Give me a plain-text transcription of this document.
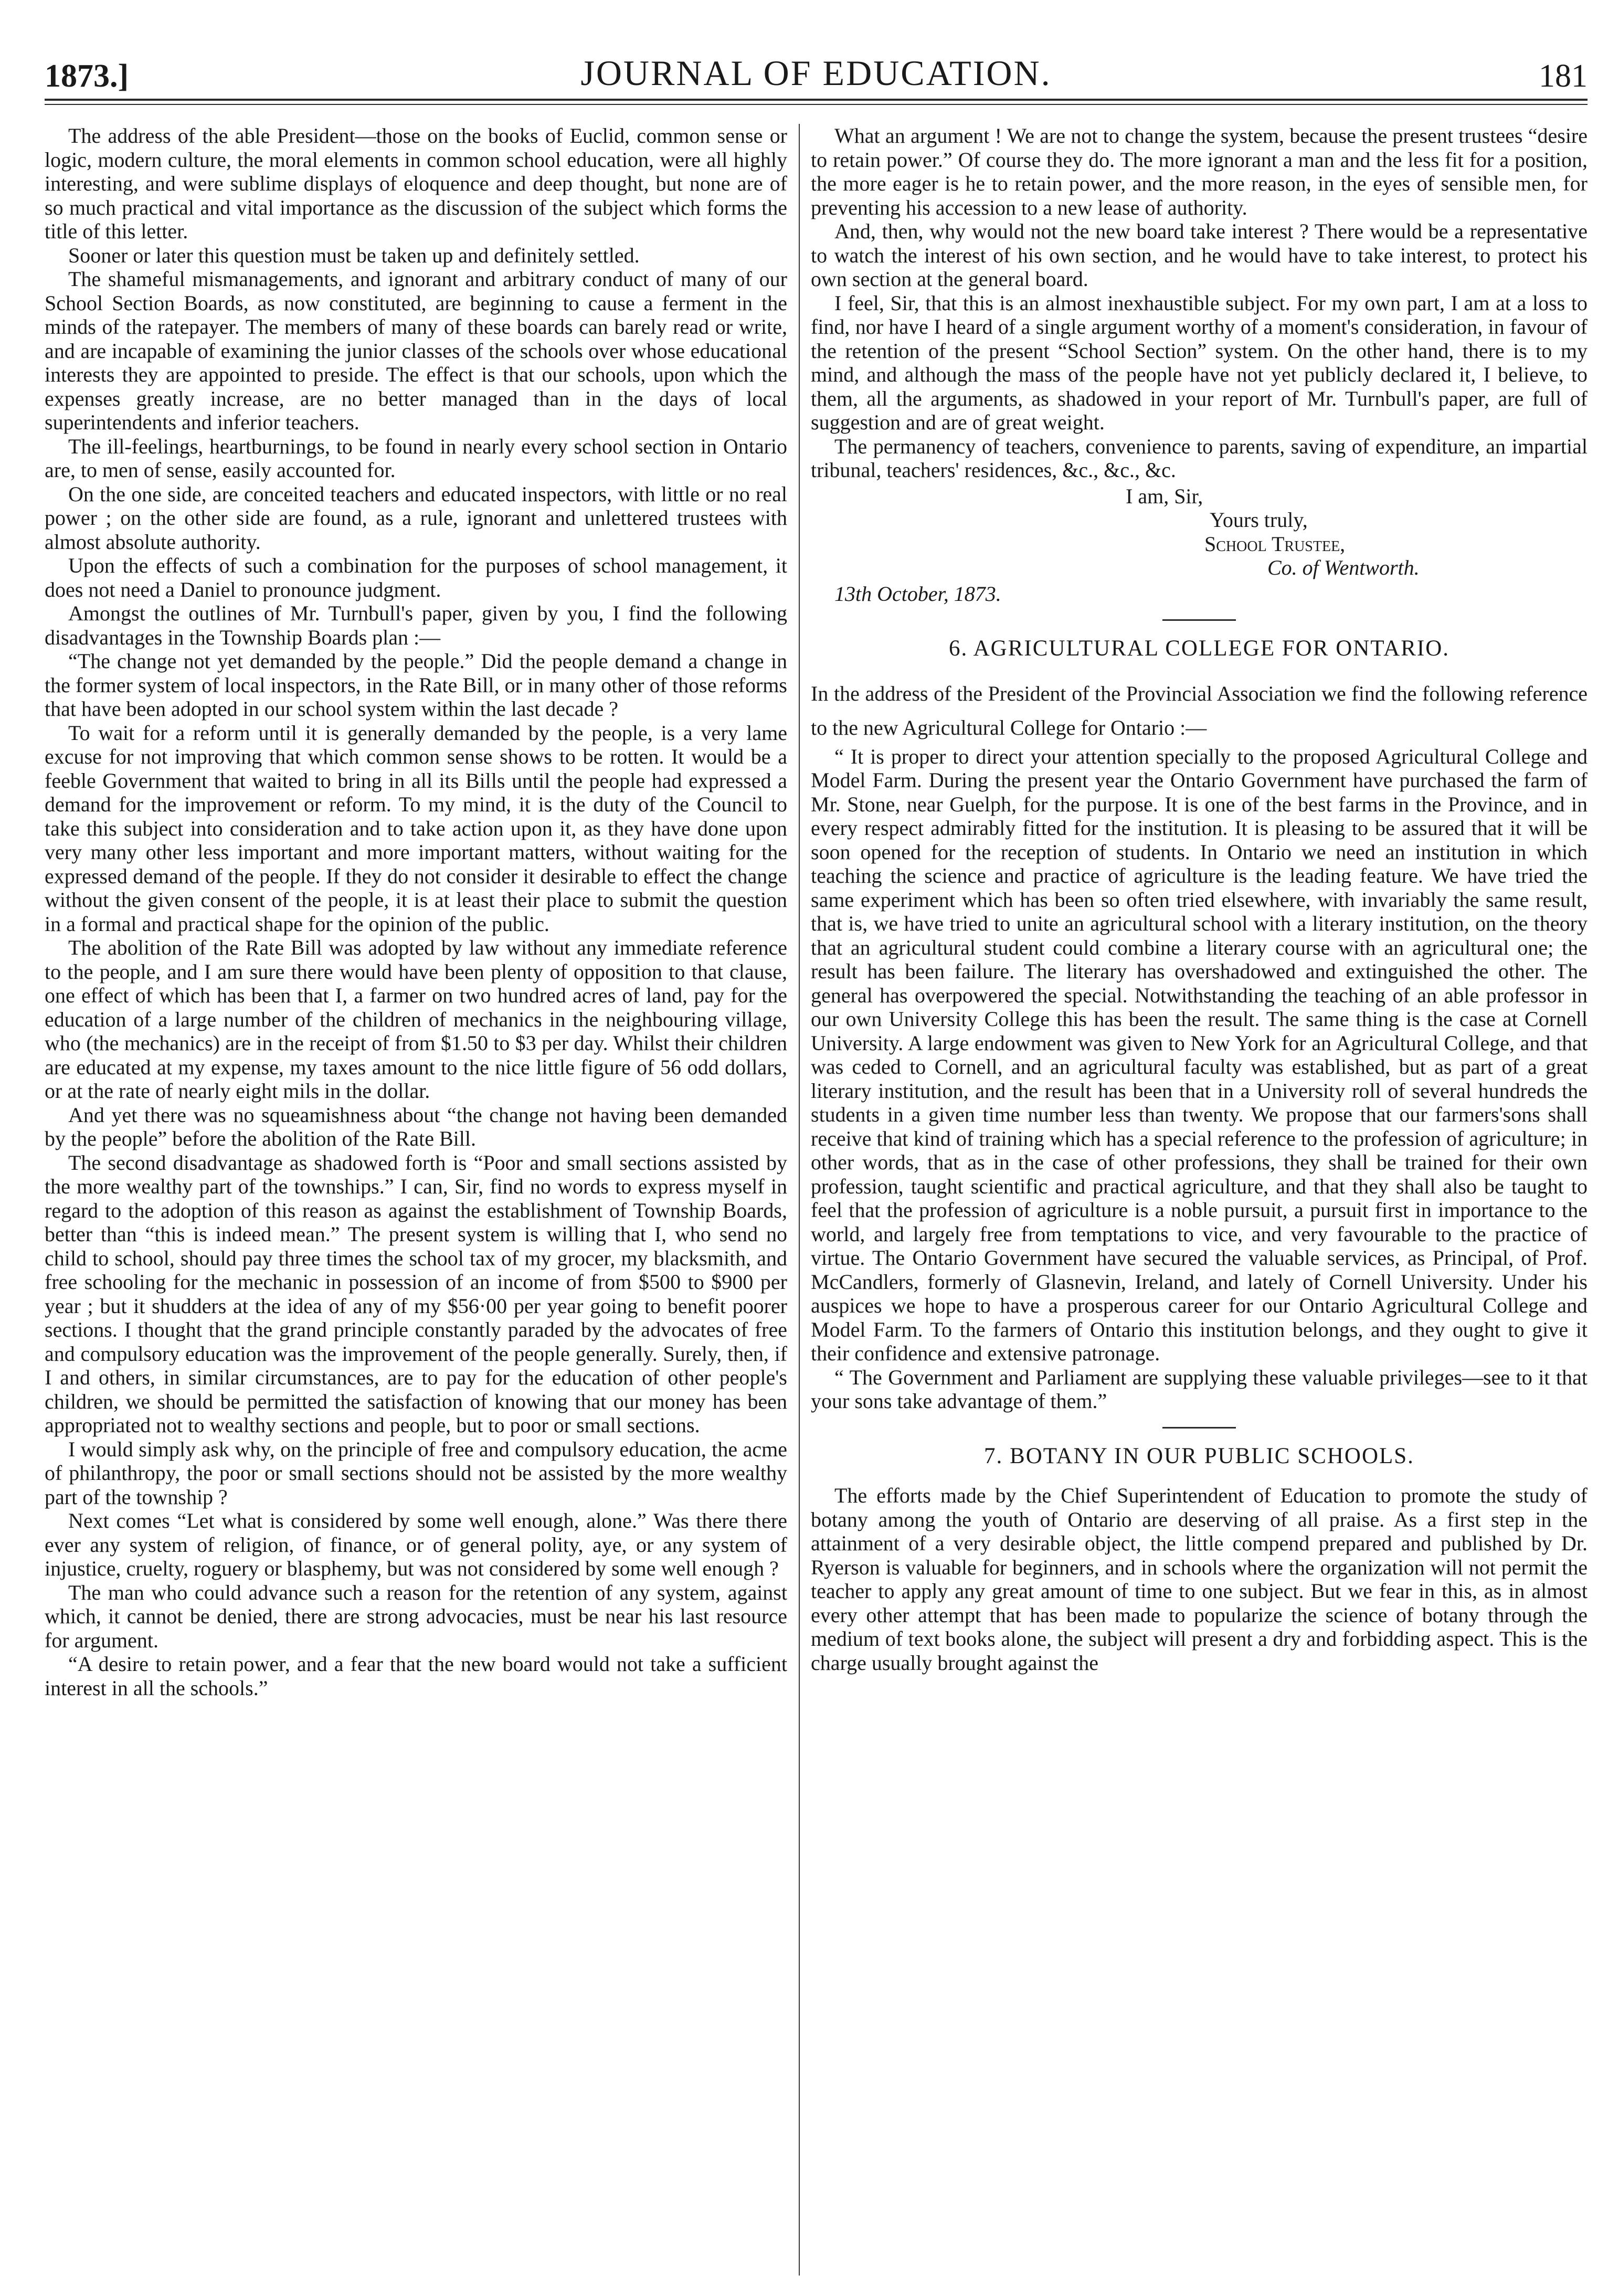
1873.]	JOURNAL OF EDUCATION.	181

The address of the able President—those on the books of Euclid, common sense or logic, modern culture, the moral elements in common school education, were all highly interesting, and were sublime displays of eloquence and deep thought, but none are of so much practical and vital importance as the discussion of the subject which forms the title of this letter.

Sooner or later this question must be taken up and definitely settled.

The shameful mismanagements, and ignorant and arbitrary conduct of many of our School Section Boards, as now constituted, are beginning to cause a ferment in the minds of the ratepayer. The members of many of these boards can barely read or write, and are incapable of examining the junior classes of the schools over whose educational interests they are appointed to preside. The effect is that our schools, upon which the expenses greatly increase, are no better managed than in the days of local superintendents and inferior teachers.

The ill-feelings, heartburnings, to be found in nearly every school section in Ontario are, to men of sense, easily accounted for.

On the one side, are conceited teachers and educated inspectors, with little or no real power ; on the other side are found, as a rule, ignorant and unlettered trustees with almost absolute authority.

Upon the effects of such a combination for the purposes of school management, it does not need a Daniel to pronounce judgment.

Amongst the outlines of Mr. Turnbull's paper, given by you, I find the following disadvantages in the Township Boards plan :—

“The change not yet demanded by the people.” Did the people demand a change in the former system of local inspectors, in the Rate Bill, or in many other of those reforms that have been adopted in our school system within the last decade ?

To wait for a reform until it is generally demanded by the people, is a very lame excuse for not improving that which common sense shows to be rotten. It would be a feeble Government that waited to bring in all its Bills until the people had expressed a demand for the improvement or reform. To my mind, it is the duty of the Council to take this subject into consideration and to take action upon it, as they have done upon very many other less important and more important matters, without waiting for the expressed demand of the people. If they do not consider it desirable to effect the change without the given consent of the people, it is at least their place to submit the question in a formal and practical shape for the opinion of the public.

The abolition of the Rate Bill was adopted by law without any immediate reference to the people, and I am sure there would have been plenty of opposition to that clause, one effect of which has been that I, a farmer on two hundred acres of land, pay for the education of a large number of the children of mechanics in the neighbouring village, who (the mechanics) are in the receipt of from $1.50 to $3 per day. Whilst their children are educated at my expense, my taxes amount to the nice little figure of 56 odd dollars, or at the rate of nearly eight mils in the dollar.

And yet there was no squeamishness about “the change not having been demanded by the people” before the abolition of the Rate Bill.

The second disadvantage as shadowed forth is “Poor and small sections assisted by the more wealthy part of the townships.” I can, Sir, find no words to express myself in regard to the adoption of this reason as against the establishment of Township Boards, better than “this is indeed mean.” The present system is willing that I, who send no child to school, should pay three times the school tax of my grocer, my blacksmith, and free schooling for the mechanic in possession of an income of from $500 to $900 per year ; but it shudders at the idea of any of my $56·00 per year going to benefit poorer sections. I thought that the grand principle constantly paraded by the advocates of free and compulsory education was the improvement of the people generally. Surely, then, if I and others, in similar circumstances, are to pay for the education of other people's children, we should be permitted the satisfaction of knowing that our money has been appropriated not to wealthy sections and people, but to poor or small sections.

I would simply ask why, on the principle of free and compulsory education, the acme of philanthropy, the poor or small sections should not be assisted by the more wealthy part of the township ?

Next comes “Let what is considered by some well enough, alone.” Was there there ever any system of religion, of finance, or of general polity, aye, or any system of injustice, cruelty, roguery or blasphemy, but was not considered by some well enough ?

The man who could advance such a reason for the retention of any system, against which, it cannot be denied, there are strong advocacies, must be near his last resource for argument.

“A desire to retain power, and a fear that the new board would not take a sufficient interest in all the schools.”

What an argument ! We are not to change the system, because the present trustees “desire to retain power.” Of course they do. The more ignorant a man and the less fit for a position, the more eager is he to retain power, and the more reason, in the eyes of sensible men, for preventing his accession to a new lease of authority.

And, then, why would not the new board take interest ? There would be a representative to watch the interest of his own section, and he would have to take interest, to protect his own section at the general board.

I feel, Sir, that this is an almost inexhaustible subject. For my own part, I am at a loss to find, nor have I heard of a single argument worthy of a moment's consideration, in favour of the retention of the present “School Section” system. On the other hand, there is to my mind, and although the mass of the people have not yet publicly declared it, I believe, to them, all the arguments, as shadowed in your report of Mr. Turnbull's paper, are full of suggestion and are of great weight.

The permanency of teachers, convenience to parents, saving of expenditure, an impartial tribunal, teachers' residences, &c., &c., &c.

I am, Sir,
Yours truly,
School Trustee,
Co. of Wentworth.
13th October, 1873.
6. AGRICULTURAL COLLEGE FOR ONTARIO.

In the address of the President of the Provincial Association we find the following reference to the new Agricultural College for Ontario :—

“ It is proper to direct your attention specially to the proposed Agricultural College and Model Farm. During the present year the Ontario Government have purchased the farm of Mr. Stone, near Guelph, for the purpose. It is one of the best farms in the Province, and in every respect admirably fitted for the institution. It is pleasing to be assured that it will be soon opened for the reception of students. In Ontario we need an institution in which teaching the science and practice of agriculture is the leading feature. We have tried the same experiment which has been so often tried elsewhere, with invariably the same result, that is, we have tried to unite an agricultural school with a literary institution, on the theory that an agricultural student could combine a literary course with an agricultural one; the result has been failure. The literary has overshadowed and extinguished the other. The general has overpowered the special. Notwithstanding the teaching of an able professor in our own University College this has been the result. The same thing is the case at Cornell University. A large endowment was given to New York for an Agricultural College, and that was ceded to Cornell, and an agricultural faculty was established, but as part of a great literary institution, and the result has been that in a University roll of several hundreds the students in a given time number less than twenty. We propose that our farmers'sons shall receive that kind of training which has a special reference to the profession of agriculture; in other words, that as in the case of other professions, they shall be trained for their own profession, taught scientific and practical agriculture, and that they shall also be taught to feel that the profession of agriculture is a noble pursuit, a pursuit first in importance to the world, and largely free from temptations to vice, and very favourable to the practice of virtue. The Ontario Government have secured the valuable services, as Principal, of Prof. McCandlers, formerly of Glasnevin, Ireland, and lately of Cornell University. Under his auspices we hope to have a prosperous career for our Ontario Agricultural College and Model Farm. To the farmers of Ontario this institution belongs, and they ought to give it their confidence and extensive patronage.

“ The Government and Parliament are supplying these valuable privileges—see to it that your sons take advantage of them.”

7. BOTANY IN OUR PUBLIC SCHOOLS.

The efforts made by the Chief Superintendent of Education to promote the study of botany among the youth of Ontario are deserving of all praise. As a first step in the attainment of a very desirable object, the little compend prepared and published by Dr. Ryerson is valuable for beginners, and in schools where the organization will not permit the teacher to apply any great amount of time to one subject. But we fear in this, as in almost every other attempt that has been made to popularize the science of botany through the medium of text books alone, the subject will present a dry and forbidding aspect. This is the charge usually brought against the
